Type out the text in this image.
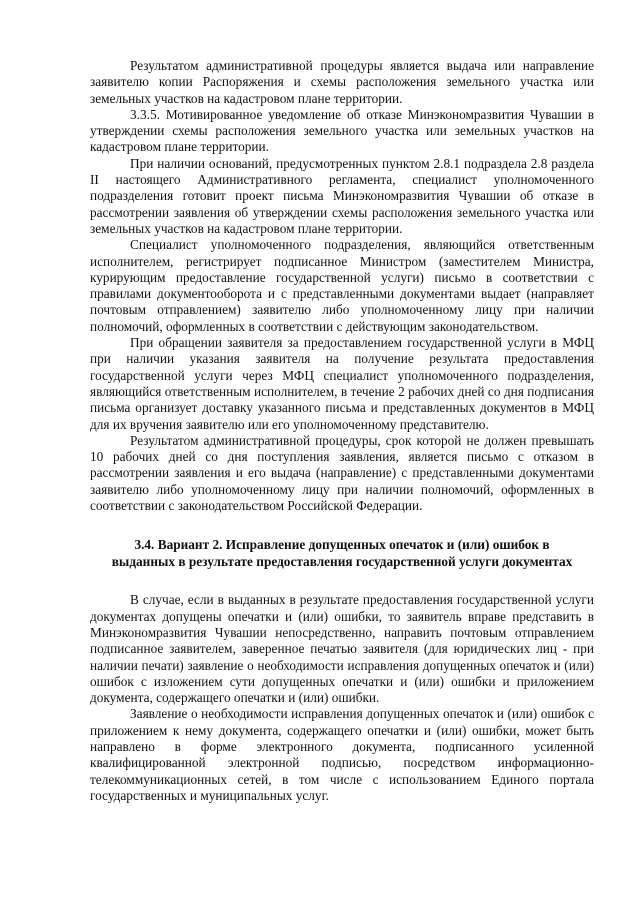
Результатом административной процедуры является выдача или направление заявителю копии Распоряжения и схемы расположения земельного участка или земельных участков на кадастровом плане территории.

3.3.5. Мотивированное уведомление об отказе Минэкономразвития Чувашии в утверждении схемы расположения земельного участка или земельных участков на кадастровом плане территории.

При наличии оснований, предусмотренных пунктом 2.8.1 подраздела 2.8 раздела II настоящего Административного регламента, специалист уполномоченного подразделения готовит проект письма Минэкономразвития Чувашии об отказе в рассмотрении заявления об утверждении схемы расположения земельного участка или земельных участков на кадастровом плане территории.

Специалист уполномоченного подразделения, являющийся ответственным исполнителем, регистрирует подписанное Министром (заместителем Министра, курирующим предоставление государственной услуги) письмо в соответствии с правилами документооборота и с представленными документами выдает (направляет почтовым отправлением) заявителю либо уполномоченному лицу при наличии полномочий, оформленных в соответствии с действующим законодательством.

При обращении заявителя за предоставлением государственной услуги в МФЦ при наличии указания заявителя на получение результата предоставления государственной услуги через МФЦ специалист уполномоченного подразделения, являющийся ответственным исполнителем, в течение 2 рабочих дней со дня подписания письма организует доставку указанного письма и представленных документов в МФЦ для их вручения заявителю или его уполномоченному представителю.

Результатом административной процедуры, срок которой не должен превышать 10 рабочих дней со дня поступления заявления, является письмо с отказом в рассмотрении заявления и его выдача (направление) с представленными документами заявителю либо уполномоченному лицу при наличии полномочий, оформленных в соответствии с законодательством Российской Федерации.

3.4. Вариант 2. Исправление допущенных опечаток и (или) ошибок в
выданных в результате предоставления государственной услуги документах

В случае, если в выданных в результате предоставления государственной услуги документах допущены опечатки и (или) ошибки, то заявитель вправе представить в Минэкономразвития Чувашии непосредственно, направить почтовым отправлением подписанное заявителем, заверенное печатью заявителя (для юридических лиц - при наличии печати) заявление о необходимости исправления допущенных опечаток и (или) ошибок с изложением сути допущенных опечатки и (или) ошибки и приложением документа, содержащего опечатки и (или) ошибки.

Заявление о необходимости исправления допущенных опечаток и (или) ошибок с приложением к нему документа, содержащего опечатки и (или) ошибки, может быть направлено в форме электронного документа, подписанного усиленной квалифицированной электронной подписью, посредством информационно-телекоммуникационных сетей, в том числе с использованием Единого портала государственных и муниципальных услуг.
